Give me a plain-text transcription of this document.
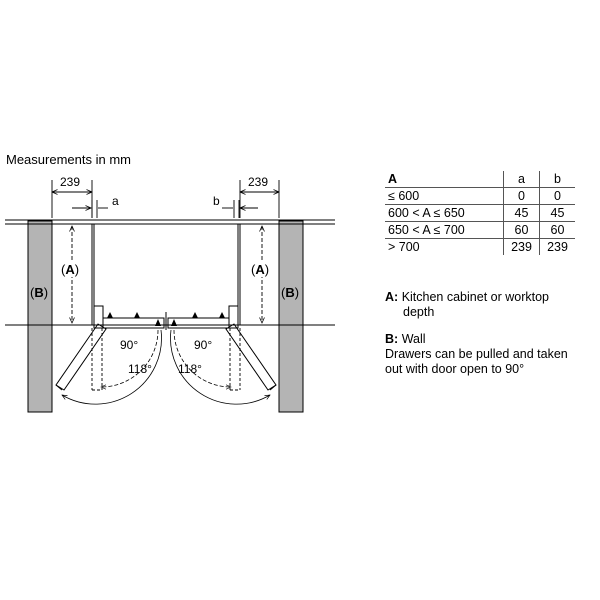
Measurements in mm
239	239
a	b
(A)	(A)
(B)	(B)
90°	90°
118° 118°
A	a	b
≤ 600	0	0
600 < A ≤ 650	45	45
650 < A ≤ 700	60	60
> 700	239	239
A: Kitchen cabinet or worktop
depth
B: Wall
Drawers can be pulled and taken
out with door open to 90°
